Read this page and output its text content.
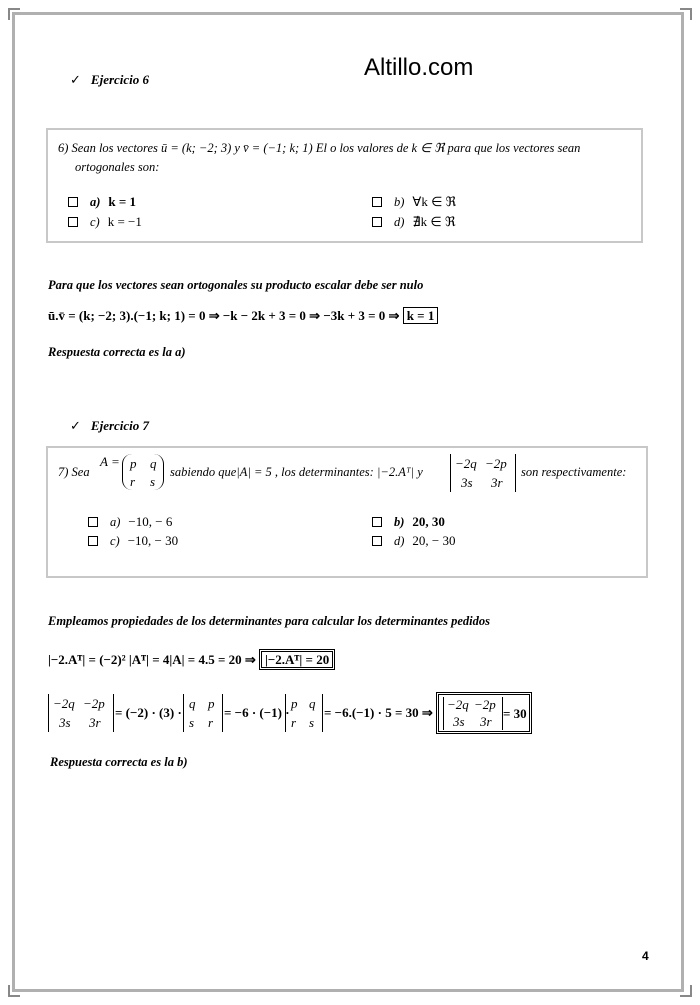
Altillo.com
✓ Ejercicio 6
6) Sean los vectores ū = (k; −2; 3) y v̄ = (−1; k; 1) El o los valores de k ∈ ℜ para que los vectores sean
ortogonales son:
a) k = 1	b) ∀k ∈ ℜ
c) k = −1	d) ∄k ∈ ℜ
Para que los vectores sean ortogonales su producto escalar debe ser nulo
ū.v̄ = (k; −2; 3).(−1; k; 1) = 0 ⇒ −k − 2k + 3 = 0 ⇒ −3k + 3 = 0 ⇒ k = 1
Respuesta correcta es la a)
✓ Ejercicio 7
7) Sea
A = p q
r s
sabiendo que|A| = 5 , los determinantes: |−2.Aᵀ| y
−2q −2p
3s 3r
son respectivamente:
a) −10, − 6	b) 20, 30
c) −10, − 30	d) 20, − 30
Empleamos propiedades de los determinantes para calcular los determinantes pedidos
|−2.Aᵀ| = (−2)² |Aᵀ| = 4|A| = 4.5 = 20 ⇒ |−2.Aᵀ| = 20
−2q −2p
3s 3r
= (−2) · (3) ·
q p
s r
= −6 · (−1) ·
p q
r s
= −6.(−1) · 5 = 30 ⇒
−2q −2p
3s 3r
= 30
Respuesta correcta es la b)
4
